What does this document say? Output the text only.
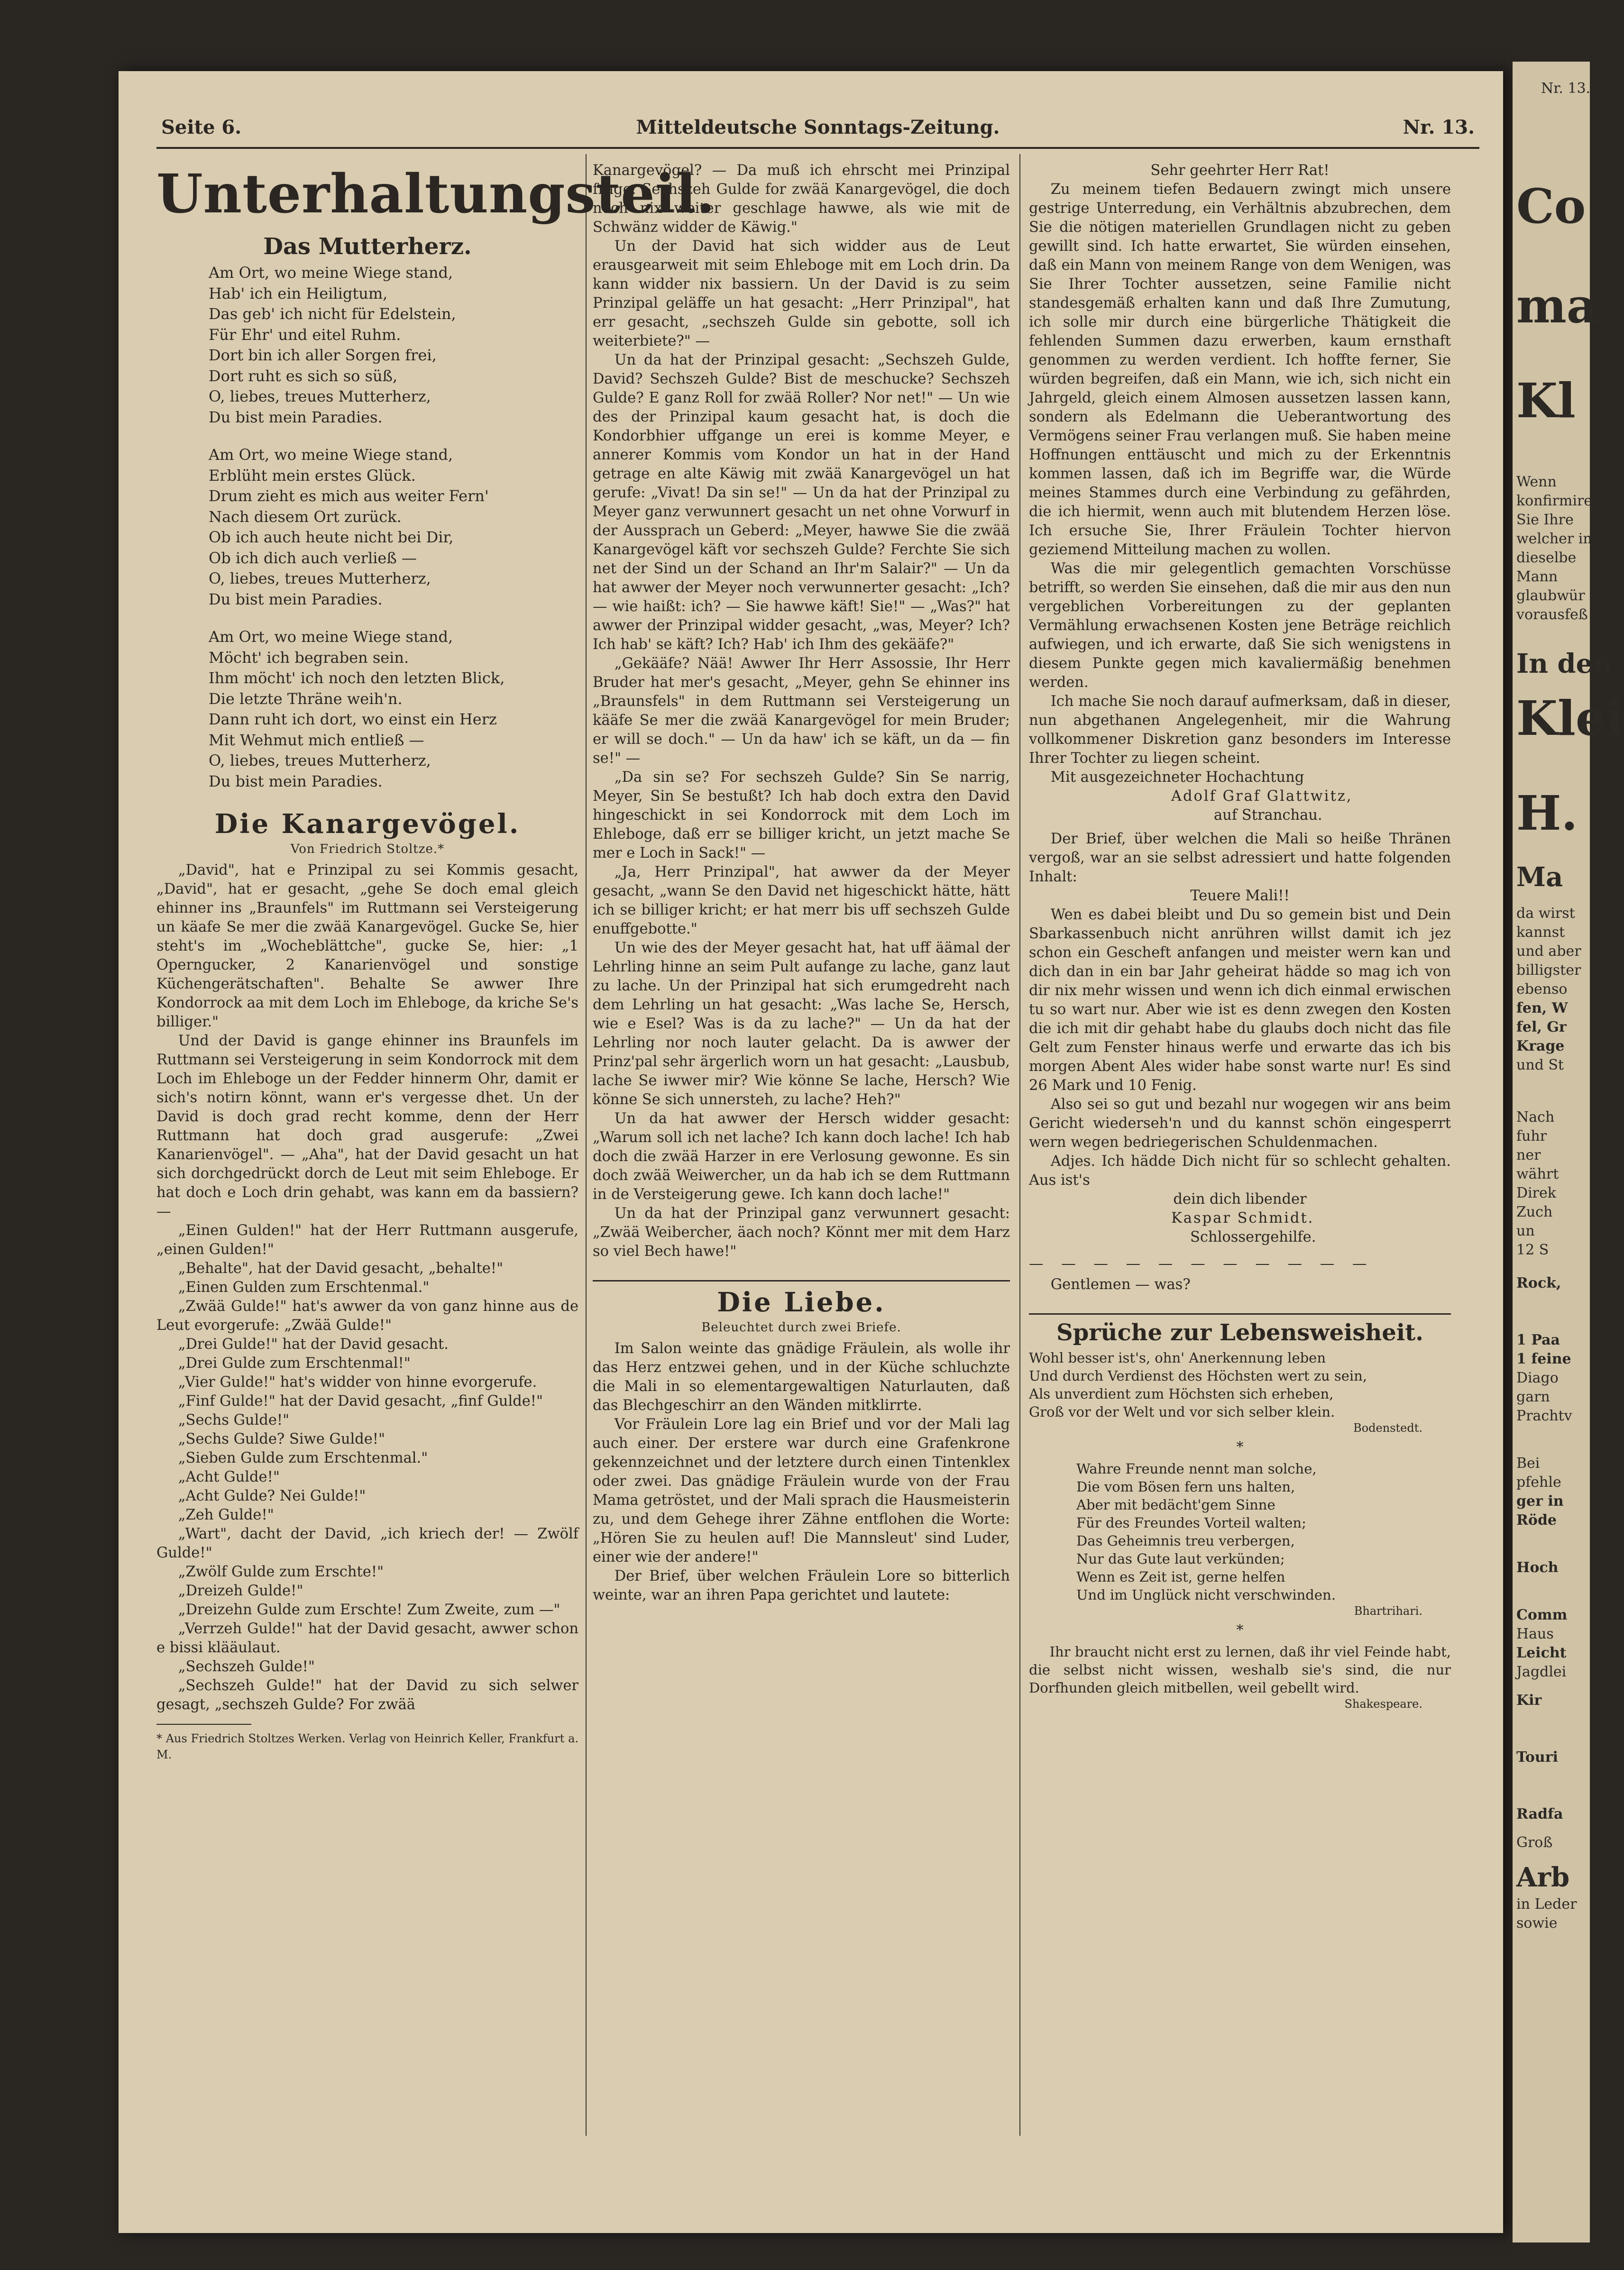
Seite 6.	Mitteldeutsche Sonntags-Zeitung.	Nr. 13.
Unterhaltungsteil.
Das Mutterherz.
Am Ort, wo meine Wiege stand,
Hab' ich ein Heiligtum,
Das geb' ich nicht für Edelstein,
Für Ehr' und eitel Ruhm.
Dort bin ich aller Sorgen frei,
Dort ruht es sich so süß,
O, liebes, treues Mutterherz,
Du bist mein Paradies.
Am Ort, wo meine Wiege stand,
Erblüht mein erstes Glück.
Drum zieht es mich aus weiter Fern'
Nach diesem Ort zurück.
Ob ich auch heute nicht bei Dir,
Ob ich dich auch verließ —
O, liebes, treues Mutterherz,
Du bist mein Paradies.
Am Ort, wo meine Wiege stand,
Möcht' ich begraben sein.
Ihm möcht' ich noch den letzten Blick,
Die letzte Thräne weih'n.
Dann ruht ich dort, wo einst ein Herz
Mit Wehmut mich entließ —
O, liebes, treues Mutterherz,
Du bist mein Paradies.
Die Kanargevögel.
Von Friedrich Stoltze.*

„David", hat e Prinzipal zu sei Kommis gesacht, „David", hat er gesacht, „gehe Se doch emal gleich ehinner ins „Braunfels" im Ruttmann sei Versteigerung un käafe Se mer die zwää Kanargevögel. Gucke Se, hier steht's im „Wocheblättche", gucke Se, hier: „1 Operngucker, 2 Kanarienvögel und sonstige Küchengerätschaften". Behalte Se awwer Ihre Kondorrock aa mit dem Loch im Ehleboge, da kriche Se's billiger."

Und der David is gange ehinner ins Braunfels im Ruttmann sei Versteigerung in seim Kondorrock mit dem Loch im Ehleboge un der Fedder hinnerm Ohr, damit er sich's notirn könnt, wann er's vergesse dhet. Un der David is doch grad recht komme, denn der Herr Ruttmann hat doch grad ausgerufe: „Zwei Kanarienvögel". — „Aha", hat der David gesacht un hat sich dorchgedrückt dorch de Leut mit seim Ehleboge. Er hat doch e Loch drin gehabt, was kann em da bassiern? —

„Einen Gulden!" hat der Herr Ruttmann ausgerufe, „einen Gulden!"

„Behalte", hat der David gesacht, „behalte!"

„Einen Gulden zum Erschtenmal."

„Zwää Gulde!" hat's awwer da von ganz hinne aus de Leut evorgerufe: „Zwää Gulde!"

„Drei Gulde!" hat der David gesacht.

„Drei Gulde zum Erschtenmal!"

„Vier Gulde!" hat's widder von hinne evorgerufe.

„Finf Gulde!" hat der David gesacht, „finf Gulde!"

„Sechs Gulde!"

„Sechs Gulde? Siwe Gulde!"

„Sieben Gulde zum Erschtenmal."

„Acht Gulde!"

„Acht Gulde? Nei Gulde!"

„Zeh Gulde!"

„Wart", dacht der David, „ich kriech der! — Zwölf Gulde!"

„Zwölf Gulde zum Erschte!"

„Dreizeh Gulde!"

„Dreizehn Gulde zum Erschte! Zum Zweite, zum —"

„Verrzeh Gulde!" hat der David gesacht, awwer schon e bissi klääulaut.

„Sechszeh Gulde!"

„Sechszeh Gulde!" hat der David zu sich selwer gesagt, „sechszeh Gulde? For zwää

* Aus Friedrich Stoltzes Werken. Verlag von Heinrich Keller, Frankfurt a. M.

Kanargevögel? — Da muß ich ehrscht mei Prinzipal frage. Sechszeh Gulde for zwää Kanargevögel, die doch noch nix weiter geschlage hawwe, als wie mit de Schwänz widder de Käwig."

Un der David hat sich widder aus de Leut erausgearweit mit seim Ehleboge mit em Loch drin. Da kann widder nix bassiern. Un der David is zu seim Prinzipal geläffe un hat gesacht: „Herr Prinzipal", hat err gesacht, „sechszeh Gulde sin gebotte, soll ich weiterbiete?" —

Un da hat der Prinzipal gesacht: „Sechszeh Gulde, David? Sechszeh Gulde? Bist de meschucke? Sechszeh Gulde? E ganz Roll for zwää Roller? Nor net!" — Un wie des der Prinzipal kaum gesacht hat, is doch die Kondorbhier uffgange un erei is komme Meyer, e annerer Kommis vom Kondor un hat in der Hand getrage en alte Käwig mit zwää Kanargevögel un hat gerufe: „Vivat! Da sin se!" — Un da hat der Prinzipal zu Meyer ganz verwunnert gesacht un net ohne Vorwurf in der Aussprach un Geberd: „Meyer, hawwe Sie die zwää Kanargevögel käft vor sechszeh Gulde? Ferchte Sie sich net der Sind un der Schand an Ihr'm Salair?" — Un da hat awwer der Meyer noch verwunnerter gesacht: „Ich? — wie haißt: ich? — Sie hawwe käft! Sie!" — „Was?" hat awwer der Prinzipal widder gesacht, „was, Meyer? Ich? Ich hab' se käft? Ich? Hab' ich Ihm des gekääfe?"

„Gekääfe? Nää! Awwer Ihr Herr Assossie, Ihr Herr Bruder hat mer's gesacht, „Meyer, gehn Se ehinner ins „Braunsfels" in dem Ruttmann sei Versteigerung un kääfe Se mer die zwää Kanargevögel for mein Bruder; er will se doch." — Un da haw' ich se käft, un da — fin se!" —

„Da sin se? For sechszeh Gulde? Sin Se narrig, Meyer, Sin Se bestußt? Ich hab doch extra den David hingeschickt in sei Kondorrock mit dem Loch im Ehleboge, daß err se billiger kricht, un jetzt mache Se mer e Loch in Sack!" —

„Ja, Herr Prinzipal", hat awwer da der Meyer gesacht, „wann Se den David net higeschickt hätte, hätt ich se billiger kricht; er hat merr bis uff sechszeh Gulde enuffgebotte."

Un wie des der Meyer gesacht hat, hat uff äämal der Lehrling hinne an seim Pult aufange zu lache, ganz laut zu lache. Un der Prinzipal hat sich erumgedreht nach dem Lehrling un hat gesacht: „Was lache Se, Hersch, wie e Esel? Was is da zu lache?" — Un da hat der Lehrling nor noch lauter gelacht. Da is awwer der Prinz'pal sehr ärgerlich worn un hat gesacht: „Lausbub, lache Se iwwer mir? Wie könne Se lache, Hersch? Wie könne Se sich unnersteh, zu lache? Heh?"

Un da hat awwer der Hersch widder gesacht: „Warum soll ich net lache? Ich kann doch lache! Ich hab doch die zwää Harzer in ere Verlosung gewonne. Es sin doch zwää Weiwercher, un da hab ich se dem Ruttmann in de Versteigerung gewe. Ich kann doch lache!"

Un da hat der Prinzipal ganz verwunnert gesacht: „Zwää Weibercher, äach noch? Könnt mer mit dem Harz so viel Bech hawe!"

Die Liebe.
Beleuchtet durch zwei Briefe.

Im Salon weinte das gnädige Fräulein, als wolle ihr das Herz entzwei gehen, und in der Küche schluchzte die Mali in so elementargewaltigen Naturlauten, daß das Blechgeschirr an den Wänden mitklirrte.

Vor Fräulein Lore lag ein Brief und vor der Mali lag auch einer. Der erstere war durch eine Grafenkrone gekennzeichnet und der letztere durch einen Tintenklex oder zwei. Das gnädige Fräulein wurde von der Frau Mama getröstet, und der Mali sprach die Hausmeisterin zu, und dem Gehege ihrer Zähne entflohen die Worte: „Hören Sie zu heulen auf! Die Mannsleut' sind Luder, einer wie der andere!"

Der Brief, über welchen Fräulein Lore so bitterlich weinte, war an ihren Papa gerichtet und lautete:

Sehr geehrter Herr Rat!

Zu meinem tiefen Bedauern zwingt mich unsere gestrige Unterredung, ein Verhältnis abzubrechen, dem Sie die nötigen materiellen Grundlagen nicht zu geben gewillt sind. Ich hatte erwartet, Sie würden einsehen, daß ein Mann von meinem Range von dem Wenigen, was Sie Ihrer Tochter aussetzen, seine Familie nicht standesgemäß erhalten kann und daß Ihre Zumutung, ich solle mir durch eine bürgerliche Thätigkeit die fehlenden Summen dazu erwerben, kaum ernsthaft genommen zu werden verdient. Ich hoffte ferner, Sie würden begreifen, daß ein Mann, wie ich, sich nicht ein Jahrgeld, gleich einem Almosen aussetzen lassen kann, sondern als Edelmann die Ueberantwortung des Vermögens seiner Frau verlangen muß. Sie haben meine Hoffnungen enttäuscht und mich zu der Erkenntnis kommen lassen, daß ich im Begriffe war, die Würde meines Stammes durch eine Verbindung zu gefährden, die ich hiermit, wenn auch mit blutendem Herzen löse. Ich ersuche Sie, Ihrer Fräulein Tochter hiervon geziemend Mitteilung machen zu wollen.

Was die mir gelegentlich gemachten Vorschüsse betrifft, so werden Sie einsehen, daß die mir aus den nun vergeblichen Vorbereitungen zu der geplanten Vermählung erwachsenen Kosten jene Beträge reichlich aufwiegen, und ich erwarte, daß Sie sich wenigstens in diesem Punkte gegen mich kavaliermäßig benehmen werden.

Ich mache Sie noch darauf aufmerksam, daß in dieser, nun abgethanen Angelegenheit, mir die Wahrung vollkommener Diskretion ganz besonders im Interesse Ihrer Tochter zu liegen scheint.

Mit ausgezeichneter Hochachtung

Adolf Graf Glattwitz,
auf Stranchau.

Der Brief, über welchen die Mali so heiße Thränen vergoß, war an sie selbst adressiert und hatte folgenden Inhalt:

Teuere Mali!!

Wen es dabei bleibt und Du so gemein bist und Dein Sbarkassenbuch nicht anrühren willst damit ich jez schon ein Gescheft anfangen und meister wern kan und dich dan in ein bar Jahr geheirat hädde so mag ich von dir nix mehr wissen und wenn ich dich einmal erwischen tu so wart nur. Aber wie ist es denn zwegen den Kosten die ich mit dir gehabt habe du glaubs doch nicht das file Gelt zum Fenster hinaus werfe und erwarte das ich bis morgen Abent Ales wider habe sonst warte nur! Es sind 26 Mark und 10 Fenig.

Also sei so gut und bezahl nur wogegen wir ans beim Gericht wiederseh'n und du kannst schön eingesperrt wern wegen bedriegerischen Schuldenmachen.

Adjes. Ich hädde Dich nicht für so schlecht gehalten. Aus ist's

dein dich libender
Kaspar Schmidt.
Schlossergehilfe.
— — — — — — — — — — —

Gentlemen — was?

Sprüche zur Lebensweisheit.
Wohl besser ist's, ohn' Anerkennung leben
Und durch Verdienst des Höchsten wert zu sein,
Als unverdient zum Höchsten sich erheben,
Groß vor der Welt und vor sich selber klein.
Bodenstedt.
*
Wahre Freunde nennt man solche,
Die vom Bösen fern uns halten,
Aber mit bedächt'gem Sinne
Für des Freundes Vorteil walten;
Das Geheimnis treu verbergen,
Nur das Gute laut verkünden;
Wenn es Zeit ist, gerne helfen
Und im Unglück nicht verschwinden.
Bhartrihari.
*

Ihr braucht nicht erst zu lernen, daß ihr viel Feinde habt, die selbst nicht wissen, weshalb sie's sind, die nur Dorfhunden gleich mitbellen, weil gebellt wird.

Shakespeare.
Nr. 13.
Co
ma
Kl
Wenn
konfirmire
Sie Ihre
welcher in
dieselbe
Mann
glaubwür
vorausfeß
In den
Klei
H.
Ma
da wirst
kannst
und aber
billigster
ebenso
fen, W
fel, Gr
Krage
und St
Nach
fuhr
ner
währt
Direk
Zuch
un
12 S
Rock,
1 Paa
1 feine
Diago
garn
Prachtv
Bei
pfehle
ger in
Röde
Hoch
Comm
Haus
Leicht
Jagdlei
Kir
Touri
Radfa
Groß
Arb
in Leder
sowie
